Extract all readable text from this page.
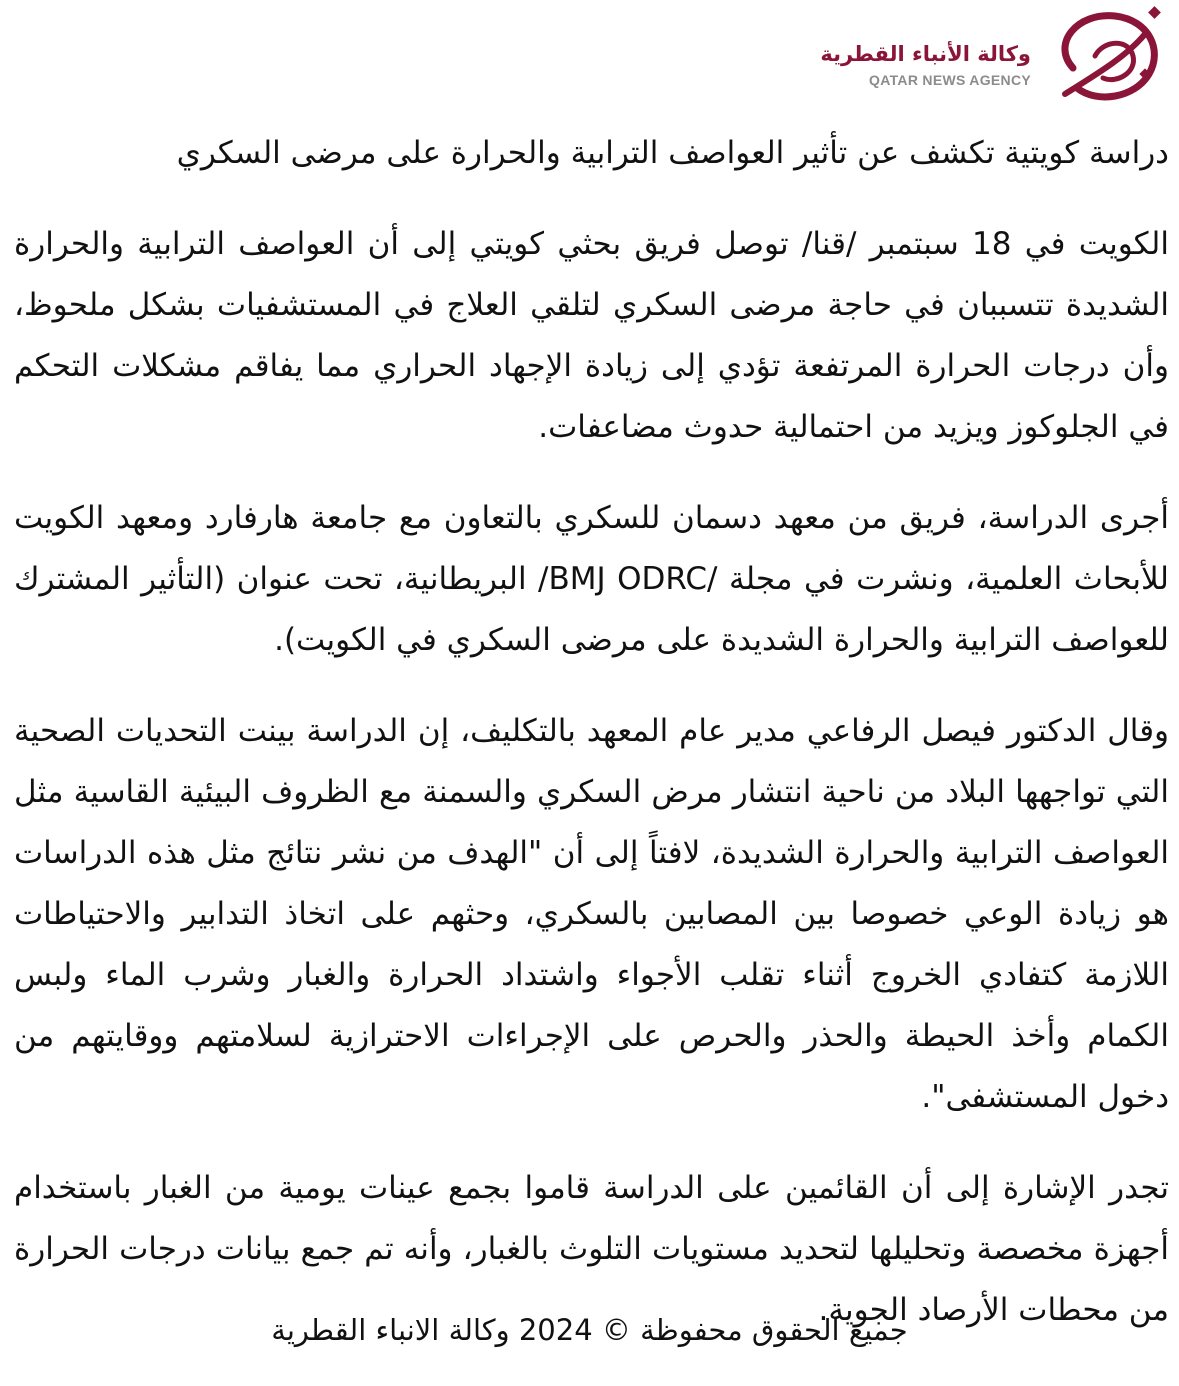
وكالة الأنباء القطرية
QATAR NEWS AGENCY
دراسة كويتية تكشف عن تأثير العواصف الترابية والحرارة على مرضى السكري

الكويت في 18 سبتمبر /قنا/ توصل فريق بحثي كويتي إلى أن العواصف الترابية والحرارة الشديدة تتسببان في حاجة مرضى السكري لتلقي العلاج في المستشفيات بشكل ملحوظ، وأن درجات الحرارة المرتفعة تؤدي إلى زيادة الإجهاد الحراري مما يفاقم مشكلات التحكم في الجلوكوز ويزيد من احتمالية حدوث مضاعفات.

أجرى الدراسة، فريق من معهد دسمان للسكري بالتعاون مع جامعة هارفارد ومعهد الكويت للأبحاث العلمية، ونشرت في مجلة /BMJ ODRC/ البريطانية، تحت عنوان (التأثير المشترك للعواصف الترابية والحرارة الشديدة على مرضى السكري في الكويت).

وقال الدكتور فيصل الرفاعي مدير عام المعهد بالتكليف، إن الدراسة بينت التحديات الصحية التي تواجهها البلاد من ناحية انتشار مرض السكري والسمنة مع الظروف البيئية القاسية مثل العواصف الترابية والحرارة الشديدة، لافتاً إلى أن "الهدف من نشر نتائج مثل هذه الدراسات هو زيادة الوعي خصوصا بين المصابين بالسكري، وحثهم على اتخاذ التدابير والاحتياطات اللازمة كتفادي الخروج أثناء تقلب الأجواء واشتداد الحرارة والغبار وشرب الماء ولبس الكمام وأخذ الحيطة والحذر والحرص على الإجراءات الاحترازية لسلامتهم ووقايتهم من دخول المستشفى".

تجدر الإشارة إلى أن القائمين على الدراسة قاموا بجمع عينات يومية من الغبار باستخدام أجهزة مخصصة وتحليلها لتحديد مستويات التلوث بالغبار، وأنه تم جمع بيانات درجات الحرارة من محطات الأرصاد الجوية.

جميع الحقوق محفوظة © 2024 وكالة الانباء القطرية
